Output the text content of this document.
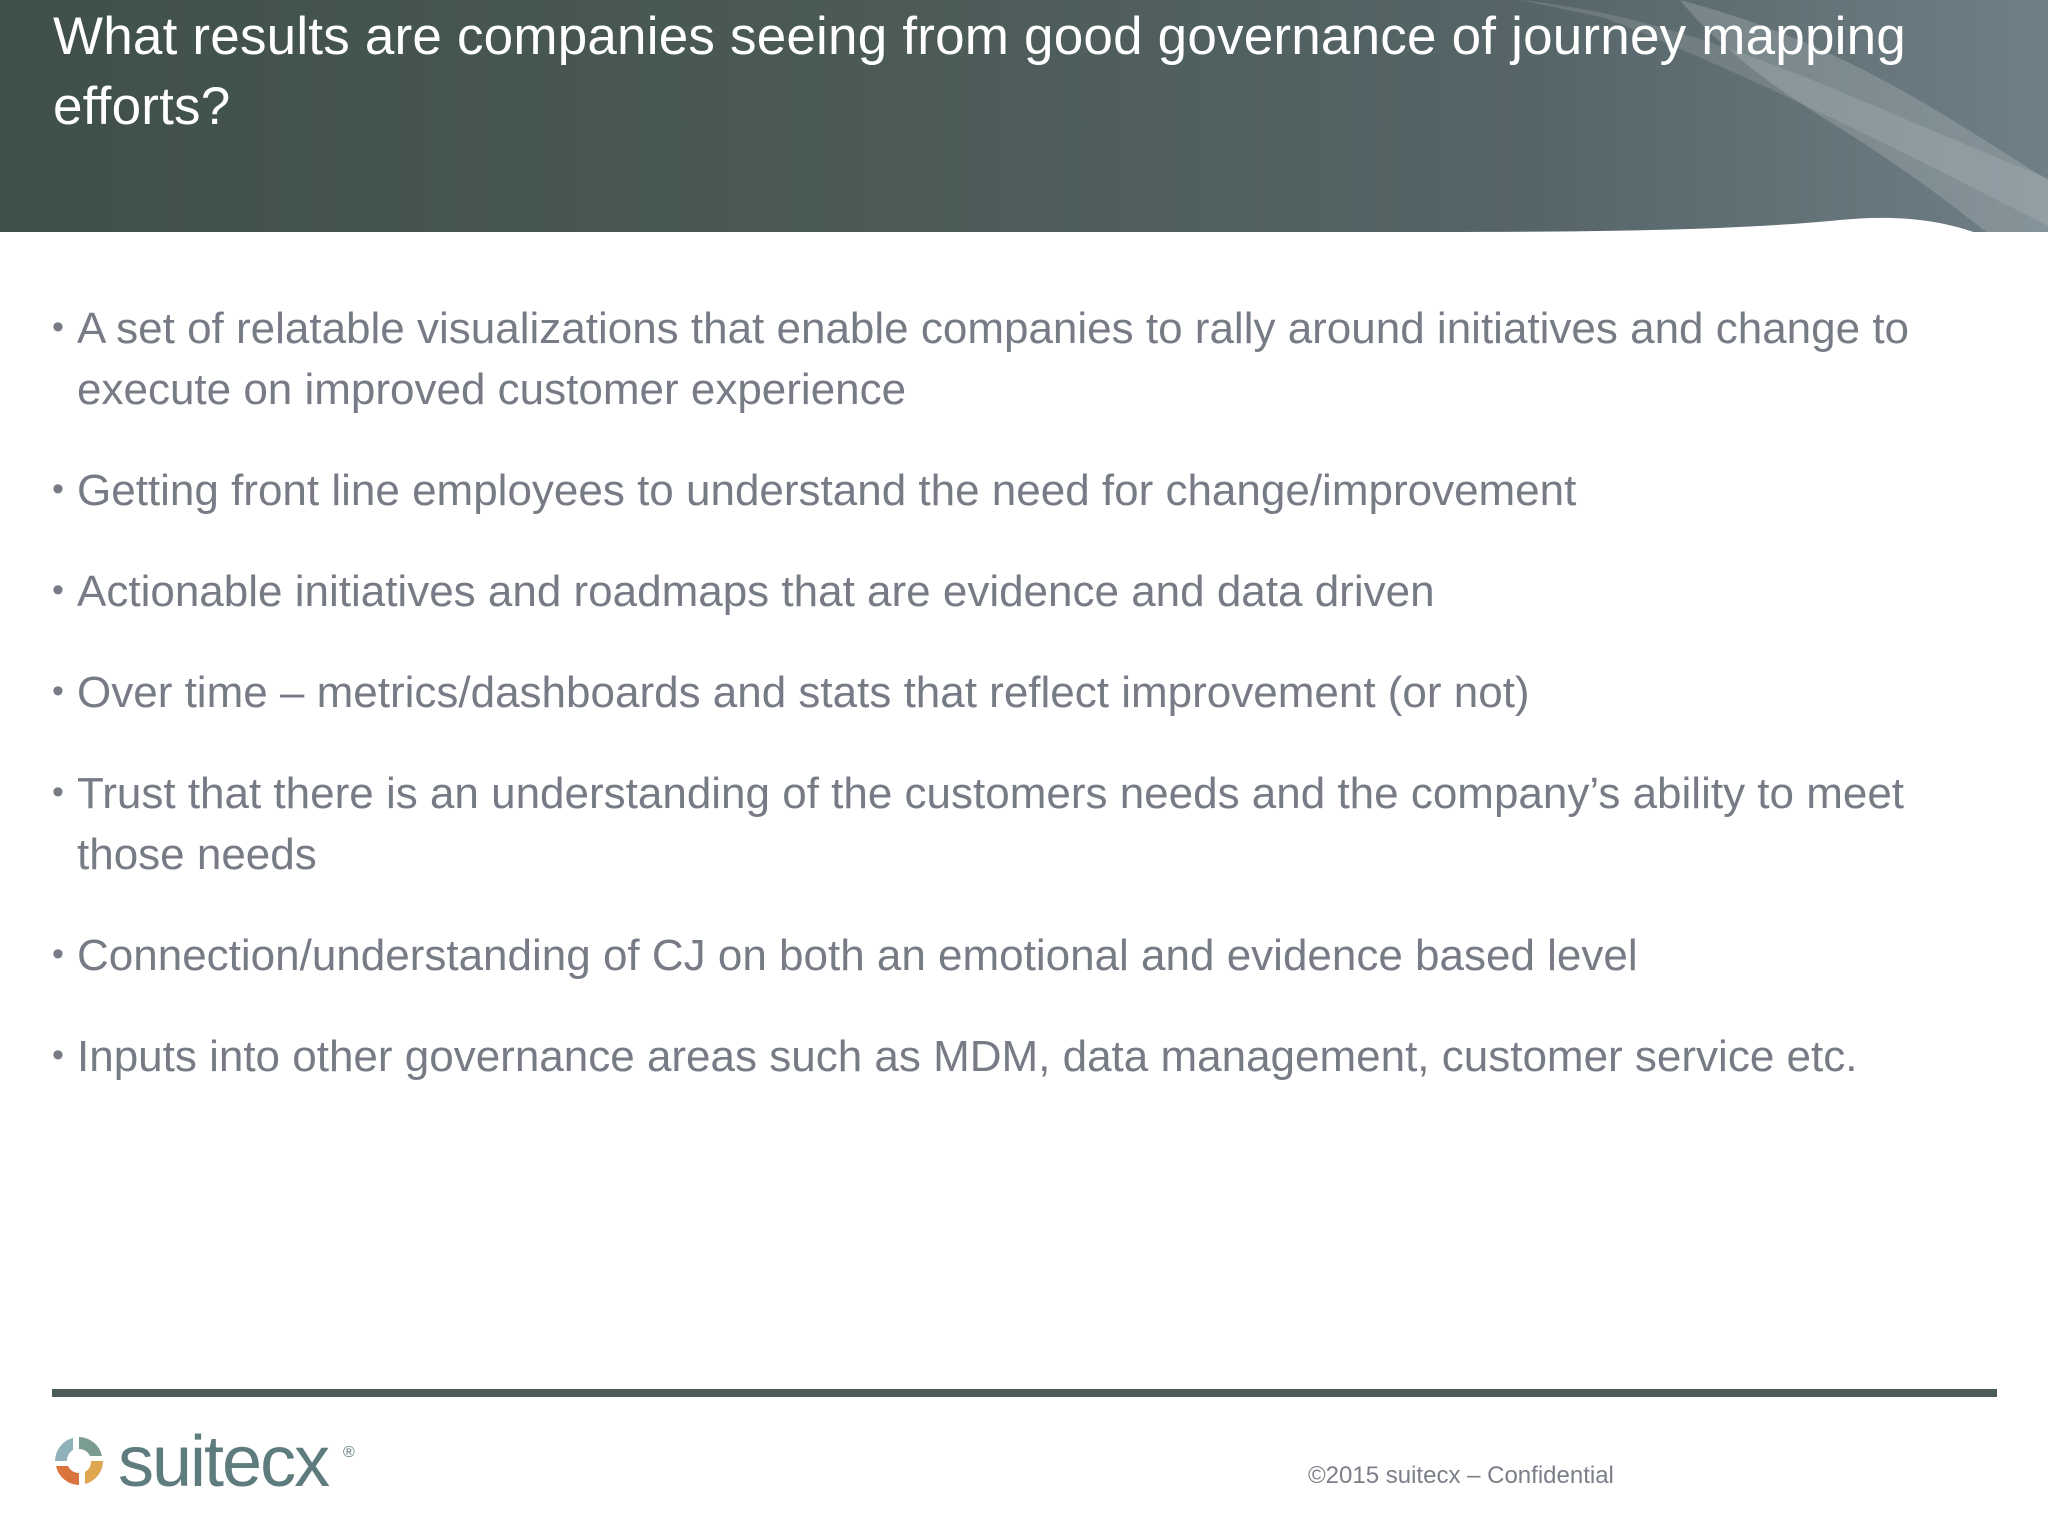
What results are companies seeing from good governance of journey mapping efforts?
• A set of relatable visualizations that enable companies to rally around initiatives and change to execute on improved customer experience
• Getting front line employees to understand the need for change/improvement
• Actionable initiatives and roadmaps that are evidence and data driven
• Over time – metrics/dashboards and stats that reflect improvement (or not)
• Trust that there is an understanding of the customers needs and the company’s ability to meet those needs
• Connection/understanding of CJ on both an emotional and evidence based level
• Inputs into other governance areas such as MDM, data management, customer service etc.
suitecx ®
©2015 suitecx – Confidential
